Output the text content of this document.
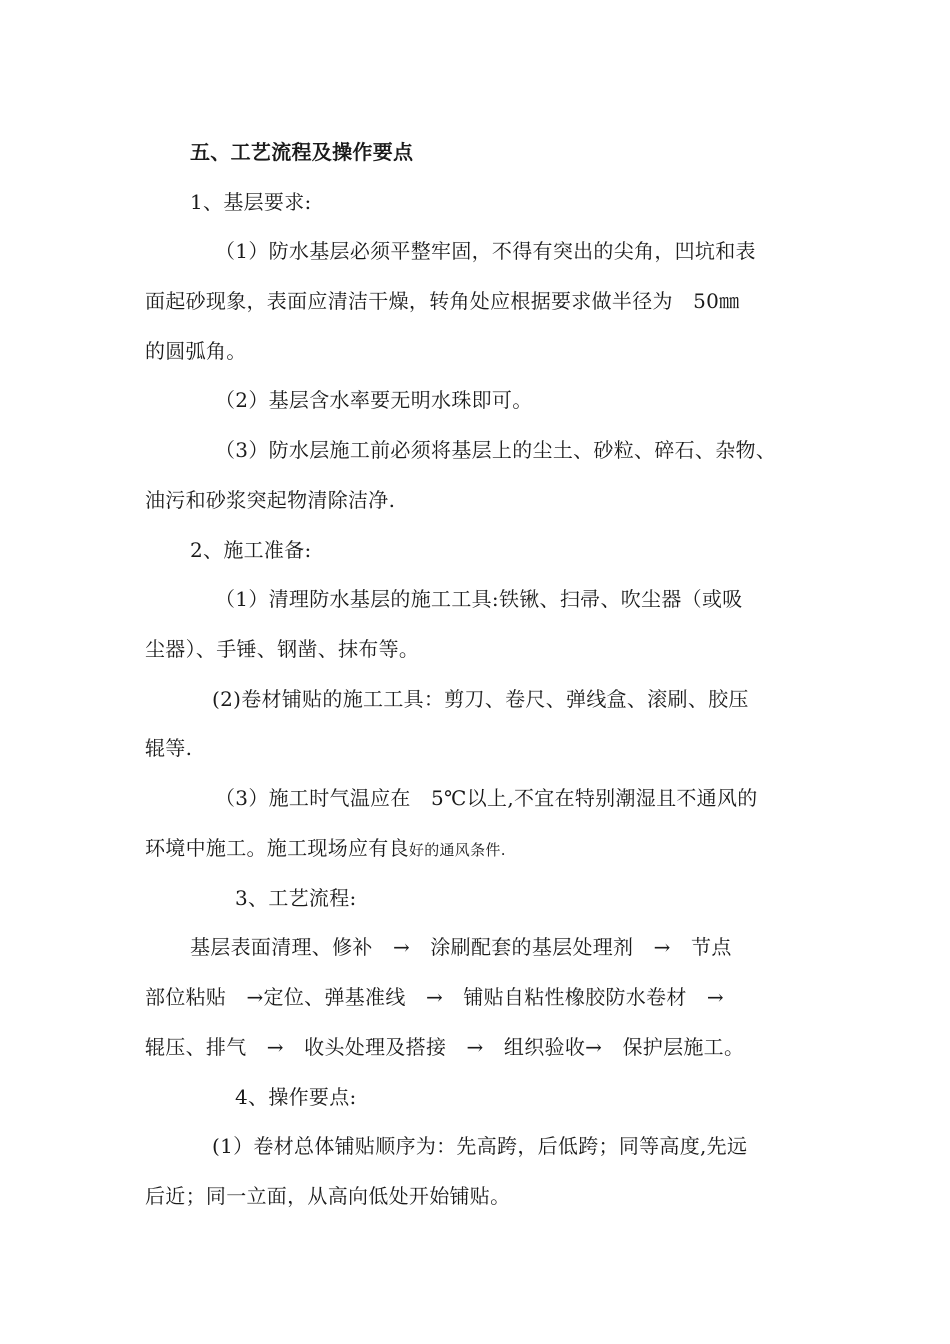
五、工艺流程及操作要点
1、基层要求:
（1）防水基层必须平整牢固，不得有突出的尖角，凹坑和表
面起砂现象，表面应清洁干燥，转角处应根据要求做半径为　50㎜
的圆弧角。
（2）基层含水率要无明水珠即可。
（3）防水层施工前必须将基层上的尘土、砂粒、碎石、杂物、
油污和砂浆突起物清除洁净.
2、施工准备:
（1）清理防水基层的施工工具:铁锹、扫帚、吹尘器（或吸
尘器）、手锤、钢凿、抹布等。
(2)卷材铺贴的施工工具：剪刀、卷尺、弹线盒、滚刷、胶压
辊等.
（3）施工时气温应在　5℃以上,不宜在特别潮湿且不通风的
环境中施工。施工现场应有良好的通风条件.
3、工艺流程:
基层表面清理、修补　→　涂刷配套的基层处理剂　→　节点
部位粘贴　→定位、弹基准线　→　铺贴自粘性橡胶防水卷材　→
辊压、排气　→　收头处理及搭接　→　组织验收→　保护层施工。
4、操作要点:
(1）卷材总体铺贴顺序为：先高跨，后低跨；同等高度,先远
后近；同一立面，从高向低处开始铺贴。
